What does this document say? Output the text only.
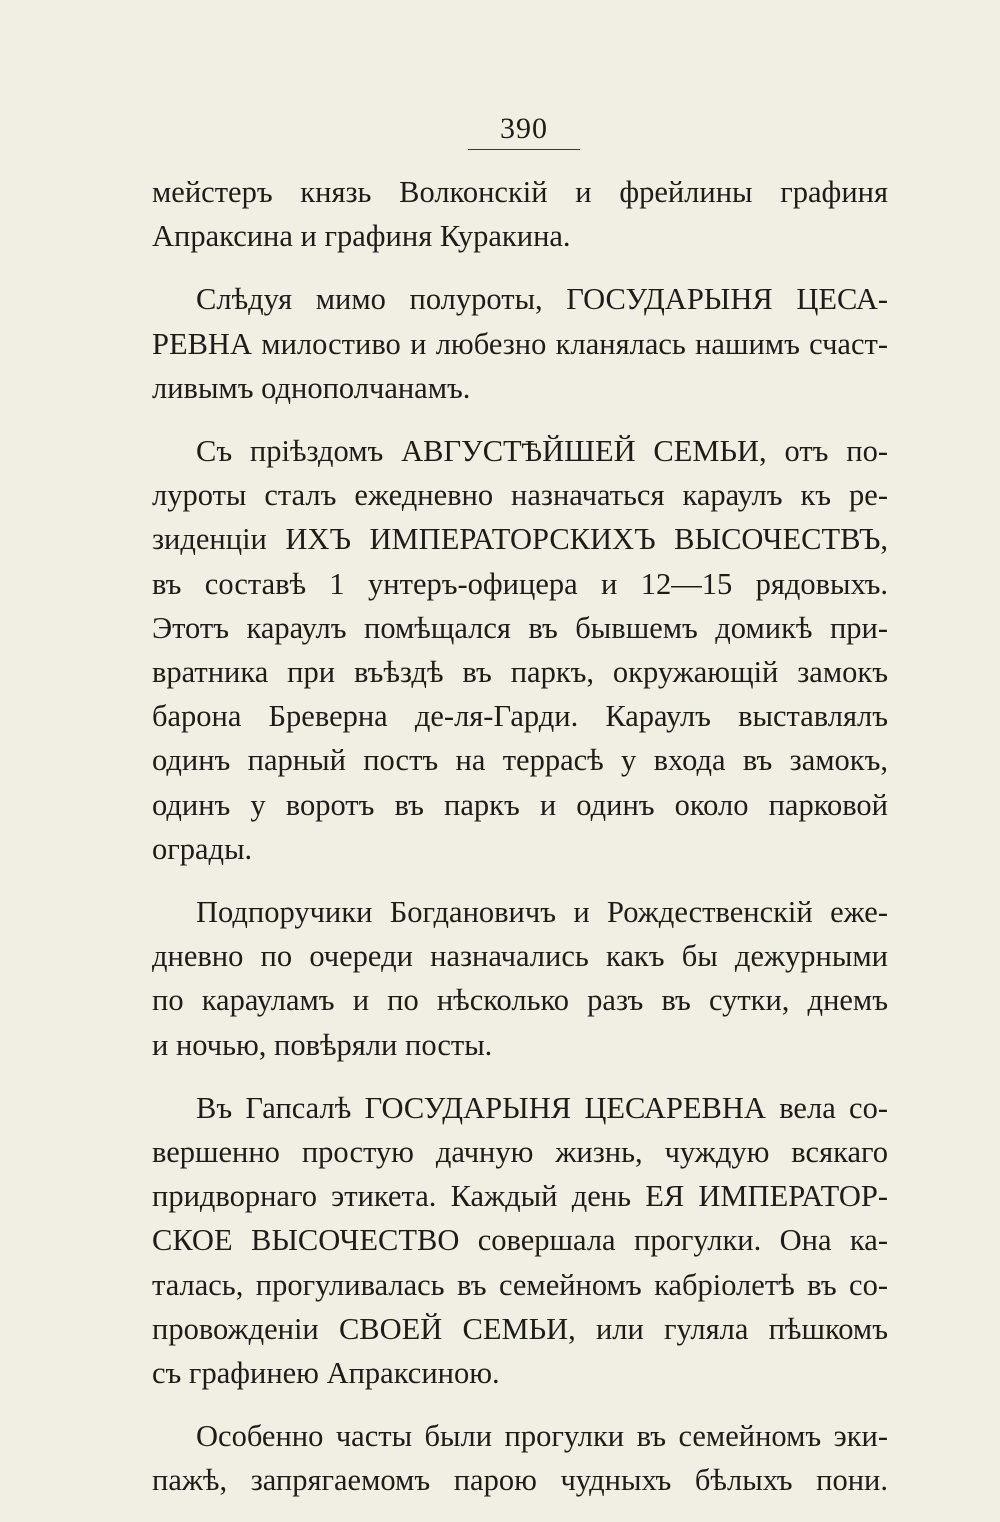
390
мейстеръ князь Волконскій и фрейлины графиня
Апраксина и графиня Куракина.
Слѣдуя мимо полуроты, ГОСУДАРЫНЯ ЦЕСА-
РЕВНА милостиво и любезно кланялась нашимъ счаст-
ливымъ однополчанамъ.
Съ пріѣздомъ АВГУСТѢЙШЕЙ СЕМЬИ, отъ по-
луроты сталъ ежедневно назначаться караулъ къ ре-
зиденціи ИХЪ ИМПЕРАТОРСКИХЪ ВЫСОЧЕСТВЪ,
въ составѣ 1 унтеръ-офицера и 12—15 рядовыхъ.
Этотъ караулъ помѣщался въ бывшемъ домикѣ при-
вратника при въѣздѣ въ паркъ, окружающій замокъ
барона Бреверна де-ля-Гарди. Караулъ выставлялъ
одинъ парный постъ на террасѣ у входа въ замокъ,
одинъ у воротъ въ паркъ и одинъ около парковой
ограды.
Подпоручики Богдановичъ и Рождественскій еже-
дневно по очереди назначались какъ бы дежурными
по карауламъ и по нѣсколько разъ въ сутки, днемъ
и ночью, повѣряли посты.
Въ Гапсалѣ ГОСУДАРЫНЯ ЦЕСАРЕВНА вела со-
вершенно простую дачную жизнь, чуждую всякаго
придворнаго этикета. Каждый день ЕЯ ИМПЕРАТОР-
СКОЕ ВЫСОЧЕСТВО совершала прогулки. Она ка-
талась, прогуливалась въ семейномъ кабріолетѣ въ со-
провожденіи СВОЕЙ СЕМЬИ, или гуляла пѣшкомъ
съ графинею Апраксиною.
Особенно часты были прогулки въ семейномъ эки-
пажѣ, запрягаемомъ парою чудныхъ бѣлыхъ пони.
